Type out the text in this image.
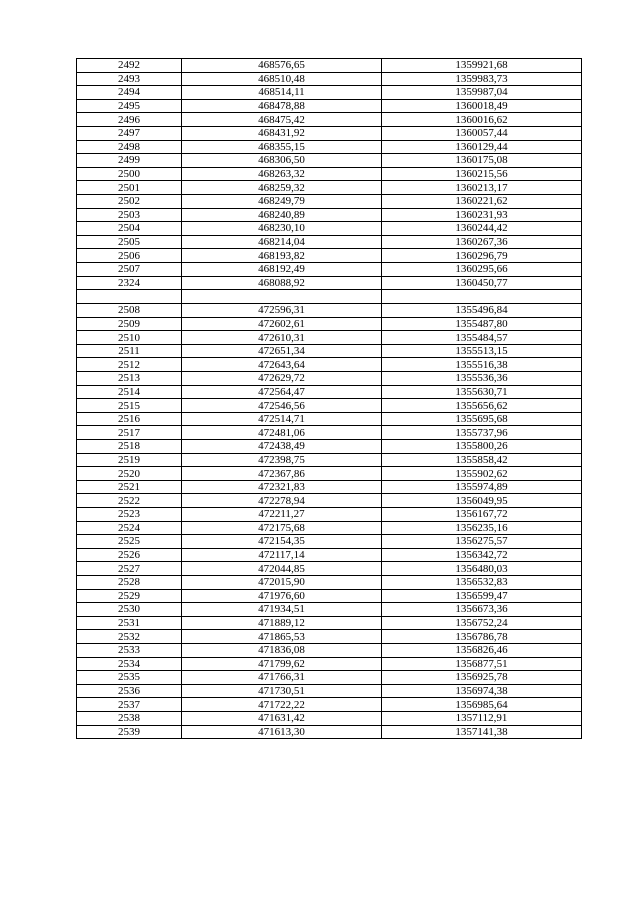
2492	468576,65	1359921,68
2493	468510,48	1359983,73
2494	468514,11	1359987,04
2495	468478,88	1360018,49
2496	468475,42	1360016,62
2497	468431,92	1360057,44
2498	468355,15	1360129,44
2499	468306,50	1360175,08
2500	468263,32	1360215,56
2501	468259,32	1360213,17
2502	468249,79	1360221,62
2503	468240,89	1360231,93
2504	468230,10	1360244,42
2505	468214,04	1360267,36
2506	468193,82	1360296,79
2507	468192,49	1360295,66
2324	468088,92	1360450,77

2508	472596,31	1355496,84
2509	472602,61	1355487,80
2510	472610,31	1355484,57
2511	472651,34	1355513,15
2512	472643,64	1355516,38
2513	472629,72	1355536,36
2514	472564,47	1355630,71
2515	472546,56	1355656,62
2516	472514,71	1355695,68
2517	472481,06	1355737,96
2518	472438,49	1355800,26
2519	472398,75	1355858,42
2520	472367,86	1355902,62
2521	472321,83	1355974,89
2522	472278,94	1356049,95
2523	472211,27	1356167,72
2524	472175,68	1356235,16
2525	472154,35	1356275,57
2526	472117,14	1356342,72
2527	472044,85	1356480,03
2528	472015,90	1356532,83
2529	471976,60	1356599,47
2530	471934,51	1356673,36
2531	471889,12	1356752,24
2532	471865,53	1356786,78
2533	471836,08	1356826,46
2534	471799,62	1356877,51
2535	471766,31	1356925,78
2536	471730,51	1356974,38
2537	471722,22	1356985,64
2538	471631,42	1357112,91
2539	471613,30	1357141,38
